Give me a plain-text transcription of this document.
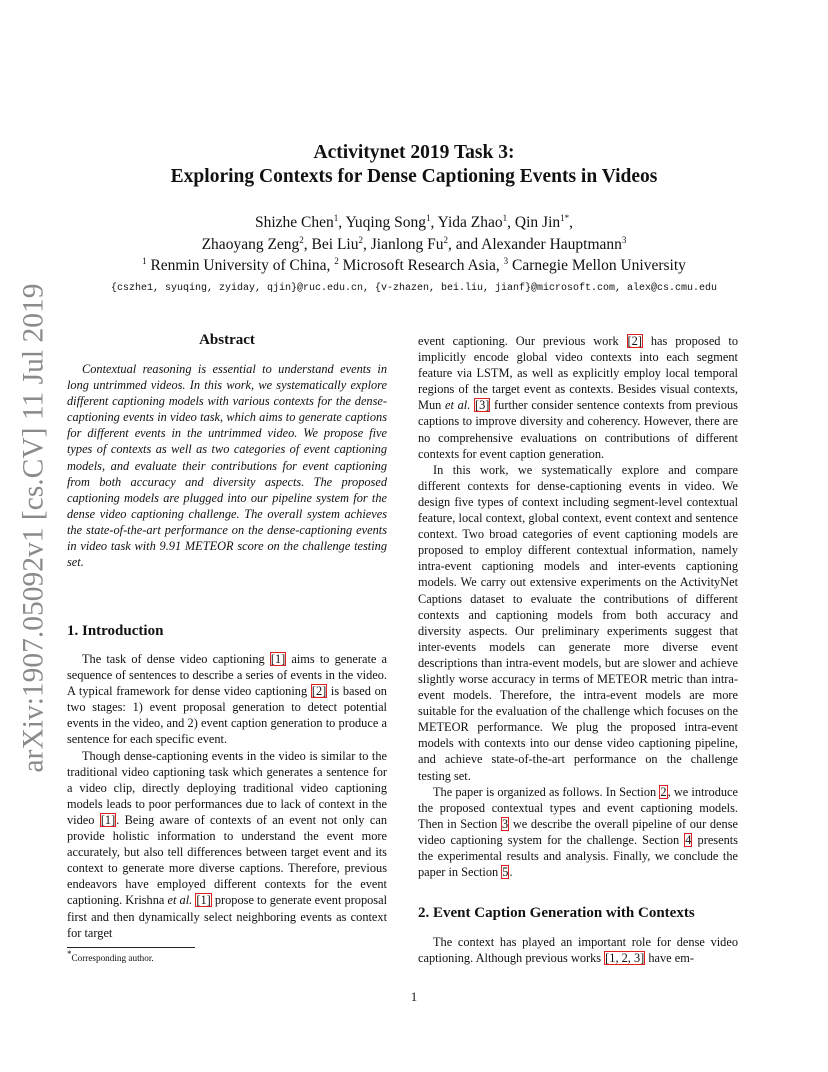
arXiv:1907.05092v1 [cs.CV] 11 Jul 2019
Activitynet 2019 Task 3:
Exploring Contexts for Dense Captioning Events in Videos
Shizhe Chen$^1$, Yuqing Song$^1$, Yida Zhao$^1$, Qin Jin$^{1*}$,
Zhaoyang Zeng$^2$, Bei Liu$^2$, Jianlong Fu$^2$, and Alexander Hauptmann$^3$
$^1$ Renmin University of China, $^2$ Microsoft Research Asia, $^3$ Carnegie Mellon University
{cszhe1, syuqing, zyiday, qjin}@ruc.edu.cn, {v-zhazen, bei.liu, jianf}@microsoft.com, alex@cs.cmu.edu
Abstract

Contextual reasoning is essential to understand events in long untrimmed videos. In this work, we systematically explore different captioning models with various contexts for the dense-captioning events in video task, which aims to generate captions for different events in the untrimmed video. We propose five types of contexts as well as two categories of event captioning models, and evaluate their contributions for event captioning from both accuracy and diversity aspects. The proposed captioning models are plugged into our pipeline system for the dense video captioning challenge. The overall system achieves the state-of-the-art performance on the dense-captioning events in video task with 9.91 METEOR score on the challenge testing set.

1. Introduction

The task of dense video captioning [1] aims to generate a sequence of sentences to describe a series of events in the video. A typical framework for dense video captioning [2] is based on two stages: 1) event proposal generation to detect potential events in the video, and 2) event caption generation to produce a sentence for each specific event.

Though dense-captioning events in the video is similar to the traditional video captioning task which generates a sentence for a video clip, directly deploying traditional video captioning models leads to poor performances due to lack of context in the video [1]. Being aware of contexts of an event not only can provide holistic information to understand the event more accurately, but also tell differences between target event and its context to generate more diverse captions. Therefore, previous endeavors have employed different contexts for the event captioning. Krishna et al. [1] propose to generate event proposal first and then dynamically select neighboring events as context for target

event captioning. Our previous work [2] has proposed to implicitly encode global video contexts into each segment feature via LSTM, as well as explicitly employ local temporal regions of the target event as contexts. Besides visual contexts, Mun et al. [3] further consider sentence contexts from previous captions to improve diversity and coherency. However, there are no comprehensive evaluations on contributions of different contexts for event caption generation.

In this work, we systematically explore and compare different contexts for dense-captioning events in video. We design five types of context including segment-level contextual feature, local context, global context, event context and sentence context. Two broad categories of event captioning models are proposed to employ different contextual information, namely intra-event captioning models and inter-events captioning models. We carry out extensive experiments on the ActivityNet Captions dataset to evaluate the contributions of different contexts and captioning models from both accuracy and diversity aspects. Our preliminary experiments suggest that inter-events models can generate more diverse event descriptions than intra-event models, but are slower and achieve slightly worse accuracy in terms of METEOR metric than intra-event models. Therefore, the intra-event models are more suitable for the evaluation of the challenge which focuses on the METEOR performance. We plug the proposed intra-event models with contexts into our dense video captioning pipeline, and achieve state-of-the-art performance on the challenge testing set.

The paper is organized as follows. In Section 2, we introduce the proposed contextual types and event captioning models. Then in Section 3 we describe the overall pipeline of our dense video captioning system for the challenge. Section 4 presents the experimental results and analysis. Finally, we conclude the paper in Section 5.

2. Event Caption Generation with Contexts

The context has played an important role for dense video captioning. Although previous works [1, 2, 3] have em-

*Corresponding author.
1
